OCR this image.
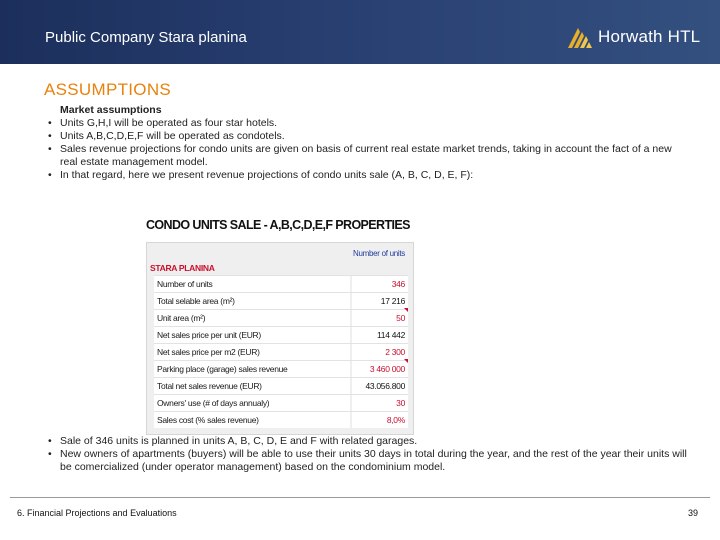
Public Company Stara planina	Horwath HTL
ASSUMPTIONS
Market assumptions
• Units G,H,I will be operated as four star hotels.
• Units A,B,C,D,E,F will be operated as condotels.
• Sales revenue projections for condo units are given on basis of current real estate market trends, taking in account the fact of a new real estate management model.
• In that regard, here we present revenue projections of condo units sale (A, B, C, D, E, F):
CONDO UNITS SALE - A,B,C,D,E,F PROPERTIES
Number of units
STARA PLANINA
Number of units	346
Total selable area (m²)	17 216
Unit area (m²)	50
Net sales price per unit (EUR)	114 442
Net sales price per m2 (EUR)	2 300
Parking place (garage) sales revenue	3 460 000
Total net sales revenue (EUR)	43.056.800
Owners' use (# of days annualy)	30
Sales cost (% sales revenue)	8,0%
• Sale of 346 units is planned in units A, B, C, D, E and F with related garages.
• New owners of apartments (buyers) will be able to use their units 30 days in total during the year, and the rest of the year their units will be comercialized (under operator management) based on the condominium model.
6. Financial Projections and Evaluations	39
